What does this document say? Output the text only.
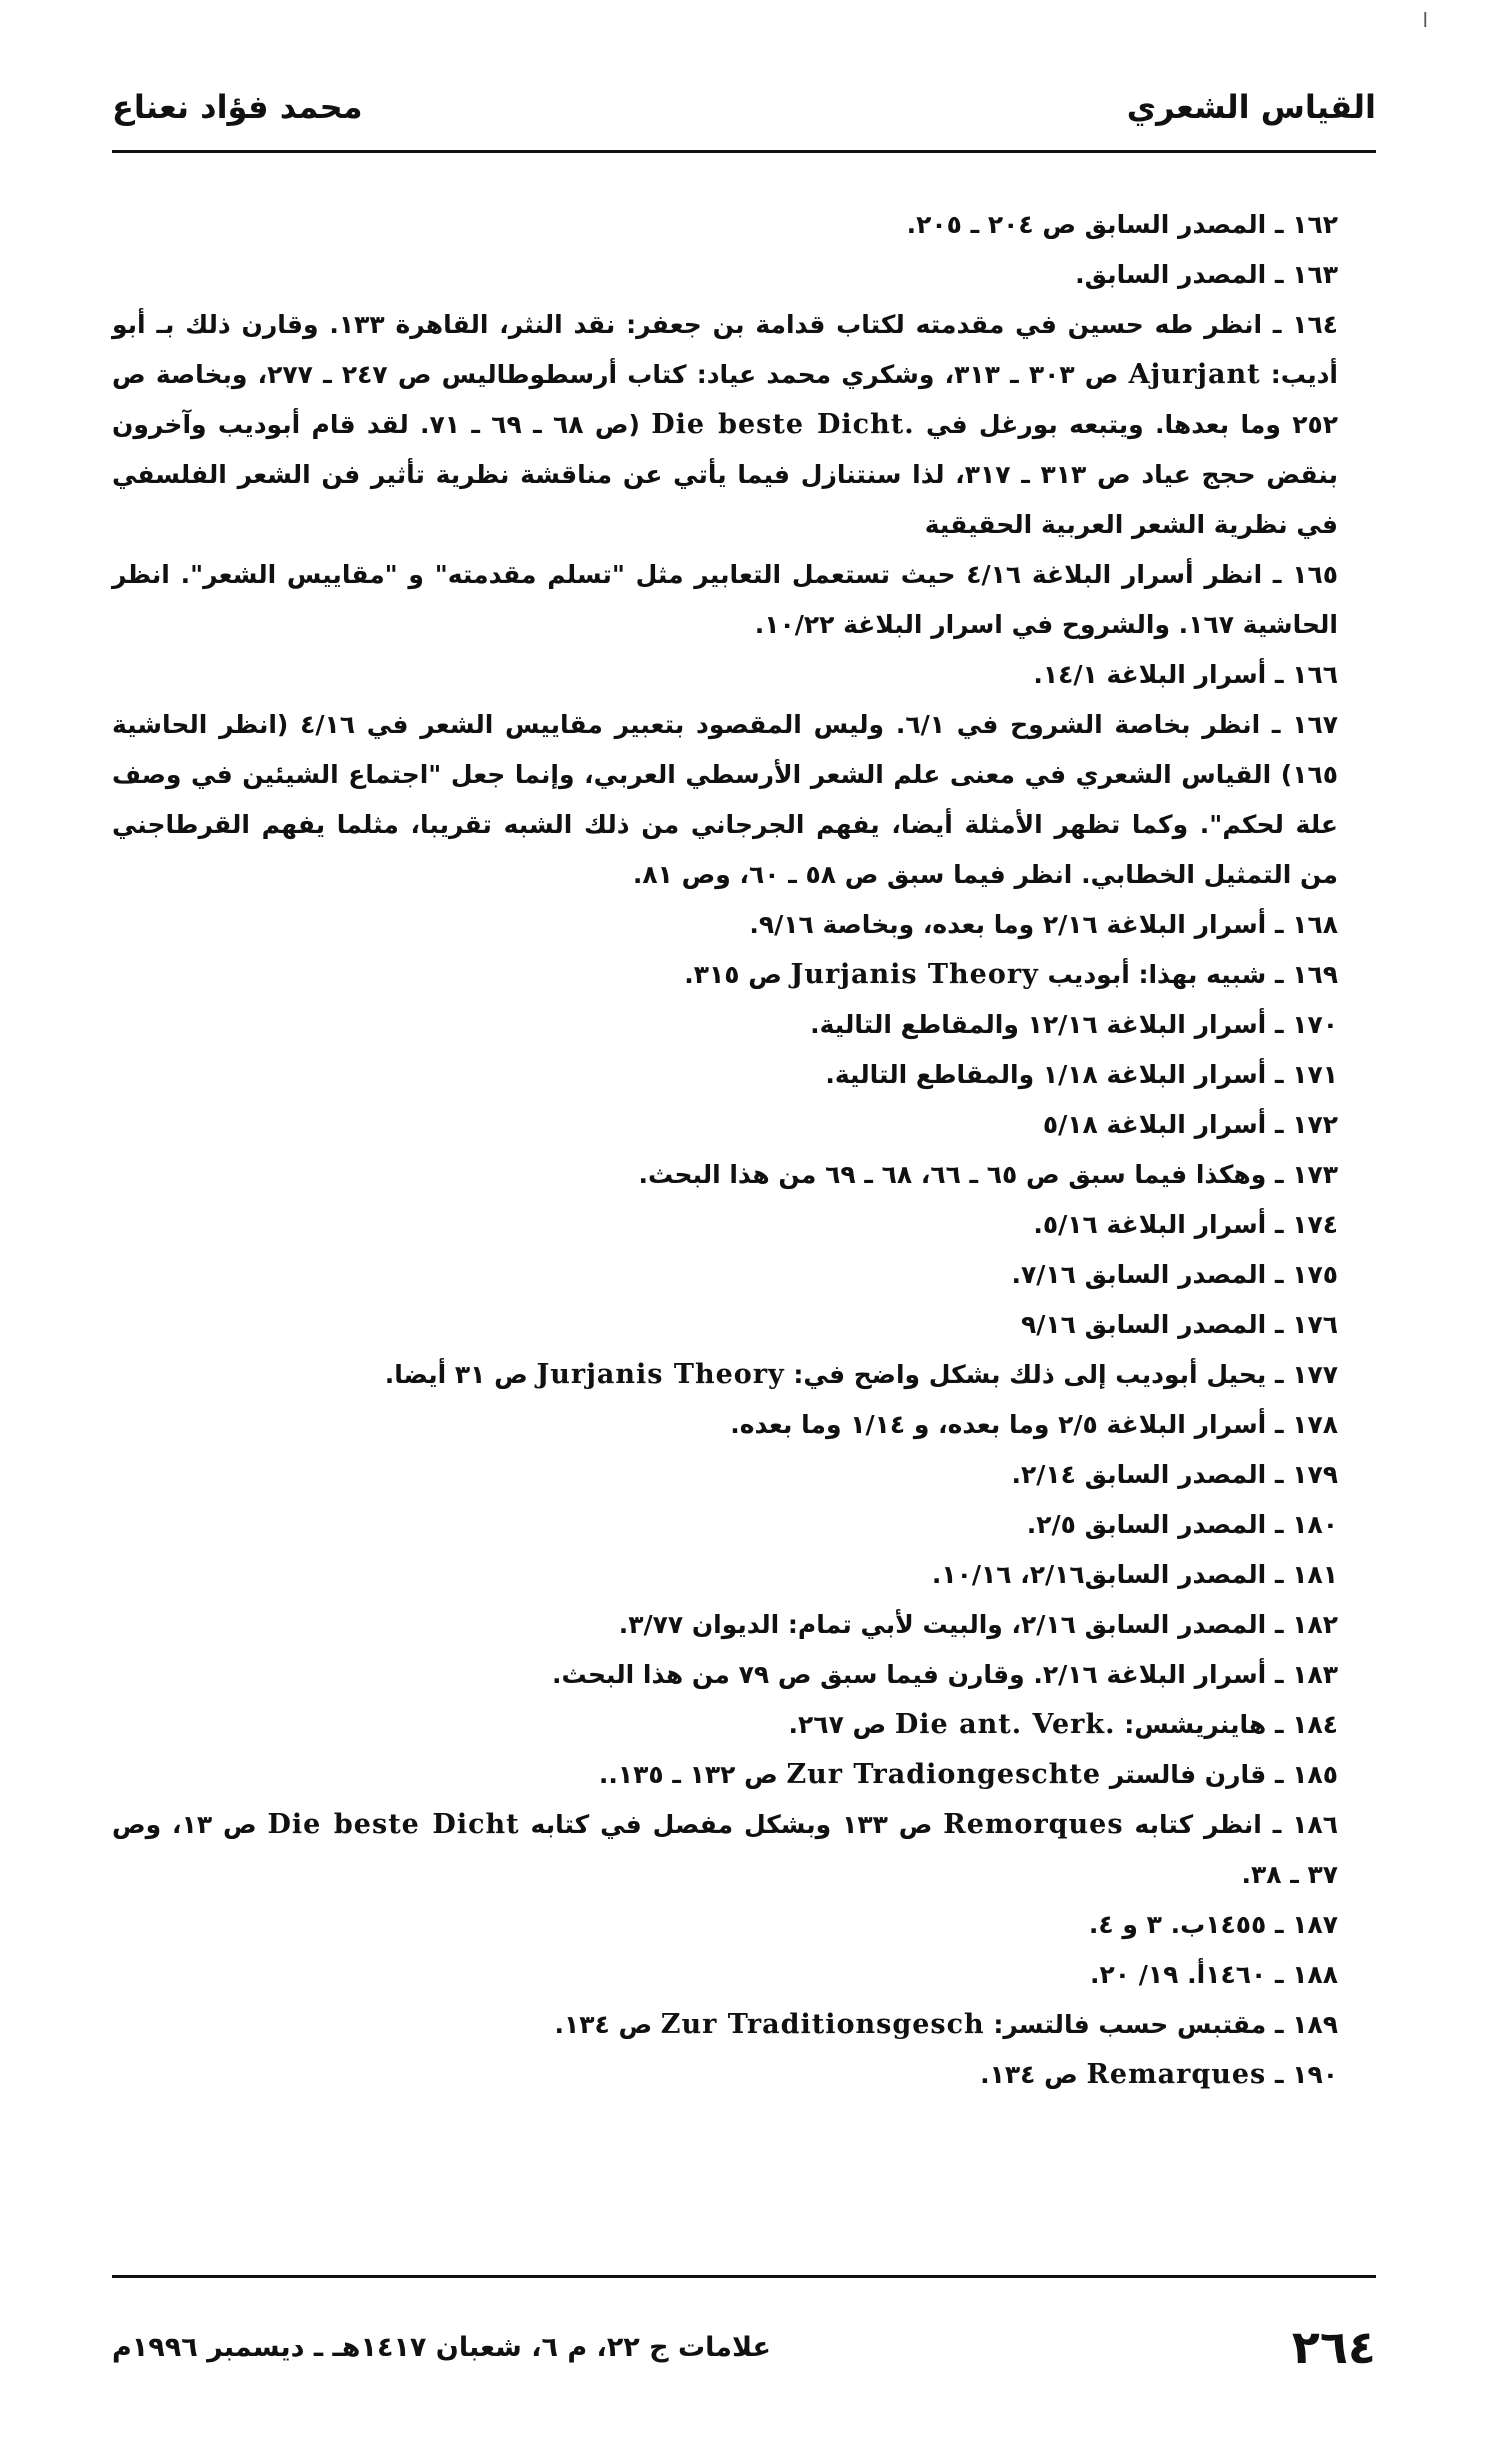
ا
القياس الشعري
محمد فؤاد نعناع

١٦٢ ـ المصدر السابق ص ٢٠٤ ـ ٢٠٥.

١٦٣ ـ المصدر السابق.

١٦٤ ـ انظر طه حسين في مقدمته لكتاب قدامة بن جعفر: نقد النثر، القاهرة ١٣٣. وقارن ذلك بـ أبو أديب: Ajurjant ص ٣٠٣ ـ ٣١٣، وشكري محمد عياد: كتاب أرسطوطاليس ص ٢٤٧ ـ ٢٧٧، وبخاصة ص ٢٥٢ وما بعدها. ويتبعه بورغل في Die beste Dicht. (ص ٦٨ ـ ٦٩ ـ ٧١. لقد قام أبوديب وآخرون بنقض حجج عياد ص ٣١٣ ـ ٣١٧، لذا سنتنازل فيما يأتي عن مناقشة نظرية تأثير فن الشعر الفلسفي في نظرية الشعر العربية الحقيقية

١٦٥ ـ انظر أسرار البلاغة ٤/١٦ حيث تستعمل التعابير مثل "تسلم مقدمته" و "مقاييس الشعر". انظر الحاشية ١٦٧. والشروح في اسرار البلاغة ١٠/٢٢.

١٦٦ ـ أسرار البلاغة ١٤/١.

١٦٧ ـ انظر بخاصة الشروح في ٦/١. وليس المقصود بتعبير مقاييس الشعر في ٤/١٦ (انظر الحاشية ١٦٥) القياس الشعري في معنى علم الشعر الأرسطي العربي، وإنما جعل "اجتماع الشيئين في وصف علة لحكم". وكما تظهر الأمثلة أيضا، يفهم الجرجاني من ذلك الشبه تقريبا، مثلما يفهم القرطاجني من التمثيل الخطابي. انظر فيما سبق ص ٥٨ ـ ٦٠، وص ٨١.

١٦٨ ـ أسرار البلاغة ٢/١٦ وما بعده، وبخاصة ٩/١٦.

١٦٩ ـ شبيه بهذا: أبوديب Jurjanis Theory ص ٣١٥.

١٧٠ ـ أسرار البلاغة ١٢/١٦ والمقاطع التالية.

١٧١ ـ أسرار البلاغة ١/١٨ والمقاطع التالية.

١٧٢ ـ أسرار البلاغة ٥/١٨

١٧٣ ـ وهكذا فيما سبق ص ٦٥ ـ ٦٦، ٦٨ ـ ٦٩ من هذا البحث.

١٧٤ ـ أسرار البلاغة ٥/١٦.

١٧٥ ـ المصدر السابق ٧/١٦.

١٧٦ ـ المصدر السابق ٩/١٦

١٧٧ ـ يحيل أبوديب إلى ذلك بشكل واضح في: Jurjanis Theory ص ٣١ أيضا.

١٧٨ ـ أسرار البلاغة ٢/٥ وما بعده، و ١/١٤ وما بعده.

١٧٩ ـ المصدر السابق ٢/١٤.

١٨٠ ـ المصدر السابق ٢/٥.

١٨١ ـ المصدر السابق٢/١٦، ١٠/١٦.

١٨٢ ـ المصدر السابق ٢/١٦، والبيت لأبي تمام: الديوان ٣/٧٧.

١٨٣ ـ أسرار البلاغة ٢/١٦. وقارن فيما سبق ص ٧٩ من هذا البحث.

١٨٤ ـ هاينريشس: Die ant. Verk. ص ٢٦٧.

١٨٥ ـ قارن فالستر Zur Tradiongeschte ص ١٣٢ ـ ١٣٥..

١٨٦ ـ انظر كتابه Remorques ص ١٣٣ وبشكل مفصل في كتابه Die beste Dicht ص ١٣، وص ٣٧ ـ ٣٨.

١٨٧ ـ ١٤٥٥ب. ٣ و ٤.

١٨٨ ـ ١٤٦٠أ. ١٩/ ٢٠.

١٨٩ ـ مقتبس حسب فالتسر: Zur Traditionsgesch ص ١٣٤.

١٩٠ ـ Remarques ص ١٣٤.

٢٦٤
علامات ج ٢٢، م ٦، شعبان ١٤١٧هـ ـ ديسمبر ١٩٩٦م
